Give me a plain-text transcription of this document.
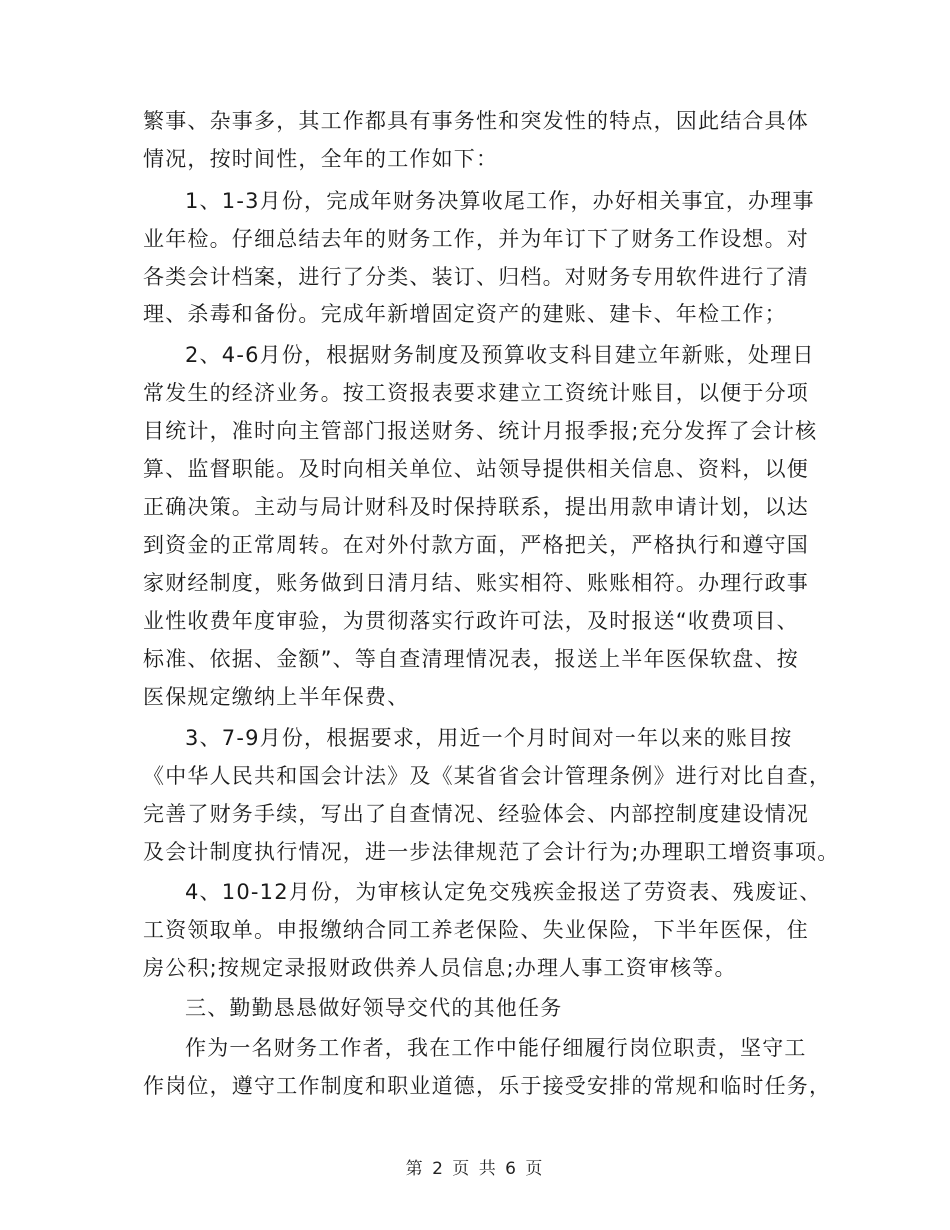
繁事、杂事多，其工作都具有事务性和突发性的特点，因此结合具体
情况，按时间性，全年的工作如下：
1、1-3月份，完成年财务决算收尾工作，办好相关事宜，办理事
业年检。仔细总结去年的财务工作，并为年订下了财务工作设想。对
各类会计档案，进行了分类、装订、归档。对财务专用软件进行了清
理、杀毒和备份。完成年新增固定资产的建账、建卡、年检工作；
2、4-6月份，根据财务制度及预算收支科目建立年新账，处理日
常发生的经济业务。按工资报表要求建立工资统计账目，以便于分项
目统计，准时向主管部门报送财务、统计月报季报;充分发挥了会计核
算、监督职能。及时向相关单位、站领导提供相关信息、资料，以便
正确决策。主动与局计财科及时保持联系，提出用款申请计划，以达
到资金的正常周转。在对外付款方面，严格把关，严格执行和遵守国
家财经制度，账务做到日清月结、账实相符、账账相符。办理行政事
业性收费年度审验，为贯彻落实行政许可法，及时报送“收费项目、
标准、依据、金额”、等自查清理情况表，报送上半年医保软盘、按
医保规定缴纳上半年保费、
3、7-9月份，根据要求，用近一个月时间对一年以来的账目按
《中华人民共和国会计法》及《某省省会计管理条例》进行对比自查，
完善了财务手续，写出了自查情况、经验体会、内部控制度建设情况
及会计制度执行情况，进一步法律规范了会计行为;办理职工增资事项。
4、10-12月份，为审核认定免交残疾金报送了劳资表、残废证、
工资领取单。申报缴纳合同工养老保险、失业保险，下半年医保，住
房公积;按规定录报财政供养人员信息;办理人事工资审核等。
三、勤勤恳恳做好领导交代的其他任务
作为一名财务工作者，我在工作中能仔细履行岗位职责，坚守工
作岗位，遵守工作制度和职业道德，乐于接受安排的常规和临时任务，
第 2 页 共 6 页
